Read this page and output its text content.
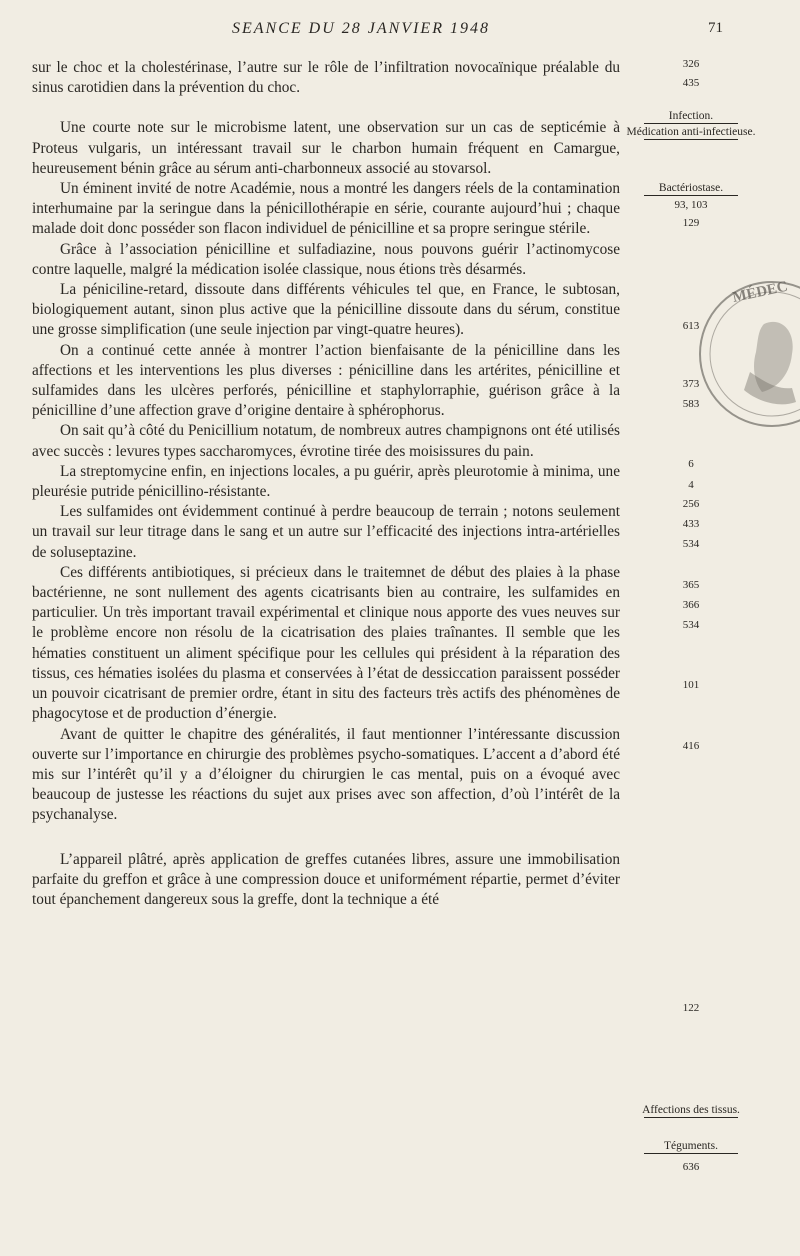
SEANCE DU 28 JANVIER 1948	71

sur le choc et la cholestérinase, l’autre sur le rôle de l’infiltration novocaïnique préalable du sinus carotidien dans la prévention du choc.

Une courte note sur le microbisme latent, une observation sur un cas de septicémie à Proteus vulgaris, un intéressant travail sur le charbon humain fréquent en Camargue, heureusement bénin grâce au sérum anti-charbonneux associé au stovarsol.

Un éminent invité de notre Académie, nous a montré les dangers réels de la contamination interhumaine par la seringue dans la pénicillothérapie en série, courante aujourd’hui ; chaque malade doit donc posséder son flacon individuel de pénicilline et sa propre seringue stérile.

Grâce à l’association pénicilline et sulfadiazine, nous pouvons guérir l’actinomycose contre laquelle, malgré la médication isolée classique, nous étions très désarmés.

La péniciline-retard, dissoute dans différents véhicules tel que, en France, le subtosan, biologiquement autant, sinon plus active que la pénicilline dissoute dans du sérum, constitue une grosse simplification (une seule injection par vingt-quatre heures).

On a continué cette année à montrer l’action bienfaisante de la pénicilline dans les affections et les interventions les plus diverses : pénicilline dans les artérites, pénicilline et sulfamides dans les ulcères perforés, pénicilline et staphylorraphie, guérison grâce à la pénicilline d’une affection grave d’origine dentaire à sphérophorus.

On sait qu’à côté du Penicillium notatum, de nombreux autres champignons ont été utilisés avec succès : levures types saccharomyces, évrotine tirée des moisissures du pain.

La streptomycine enfin, en injections locales, a pu guérir, après pleurotomie à minima, une pleurésie putride pénicillino-résistante.

Les sulfamides ont évidemment continué à perdre beaucoup de terrain ; notons seulement un travail sur leur titrage dans le sang et un autre sur l’efficacité des injections intra-artérielles de soluseptazine.

Ces différents antibiotiques, si précieux dans le traitemnet de début des plaies à la phase bactérienne, ne sont nullement des agents cicatrisants bien au contraire, les sulfamides en particulier. Un très important travail expérimental et clinique nous apporte des vues neuves sur le problème encore non résolu de la cicatrisation des plaies traînantes. Il semble que les hématies constituent un aliment spécifique pour les cellules qui président à la réparation des tissus, ces hématies isolées du plasma et conservées à l’état de dessiccation paraissent posséder un pouvoir cicatrisant de premier ordre, étant in situ des facteurs très actifs des phénomènes de phagocytose et de production d’énergie.

Avant de quitter le chapitre des généralités, il faut mentionner l’intéressante discussion ouverte sur l’importance en chirurgie des problèmes psycho-somatiques. L’accent a d’abord été mis sur l’intérêt qu’il y a d’éloigner du chirurgien le cas mental, puis on a évoqué avec beaucoup de justesse les réactions du sujet aux prises avec son affection, d’où l’intérêt de la psychanalyse.

L’appareil plâtré, après application de greffes cutanées libres, assure une immobilisation parfaite du greffon et grâce à une compression douce et uniformément répartie, permet d’éviter tout épanchement dangereux sous la greffe, dont la technique a été

326
435
Infection.
Médication anti-infectieuse.
Bactériostase.
93, 103
129
613
373
583
6
4
256
433
534
365
366
534
101
416
122
Affections des tissus.
Téguments.
636
MÉDEC
